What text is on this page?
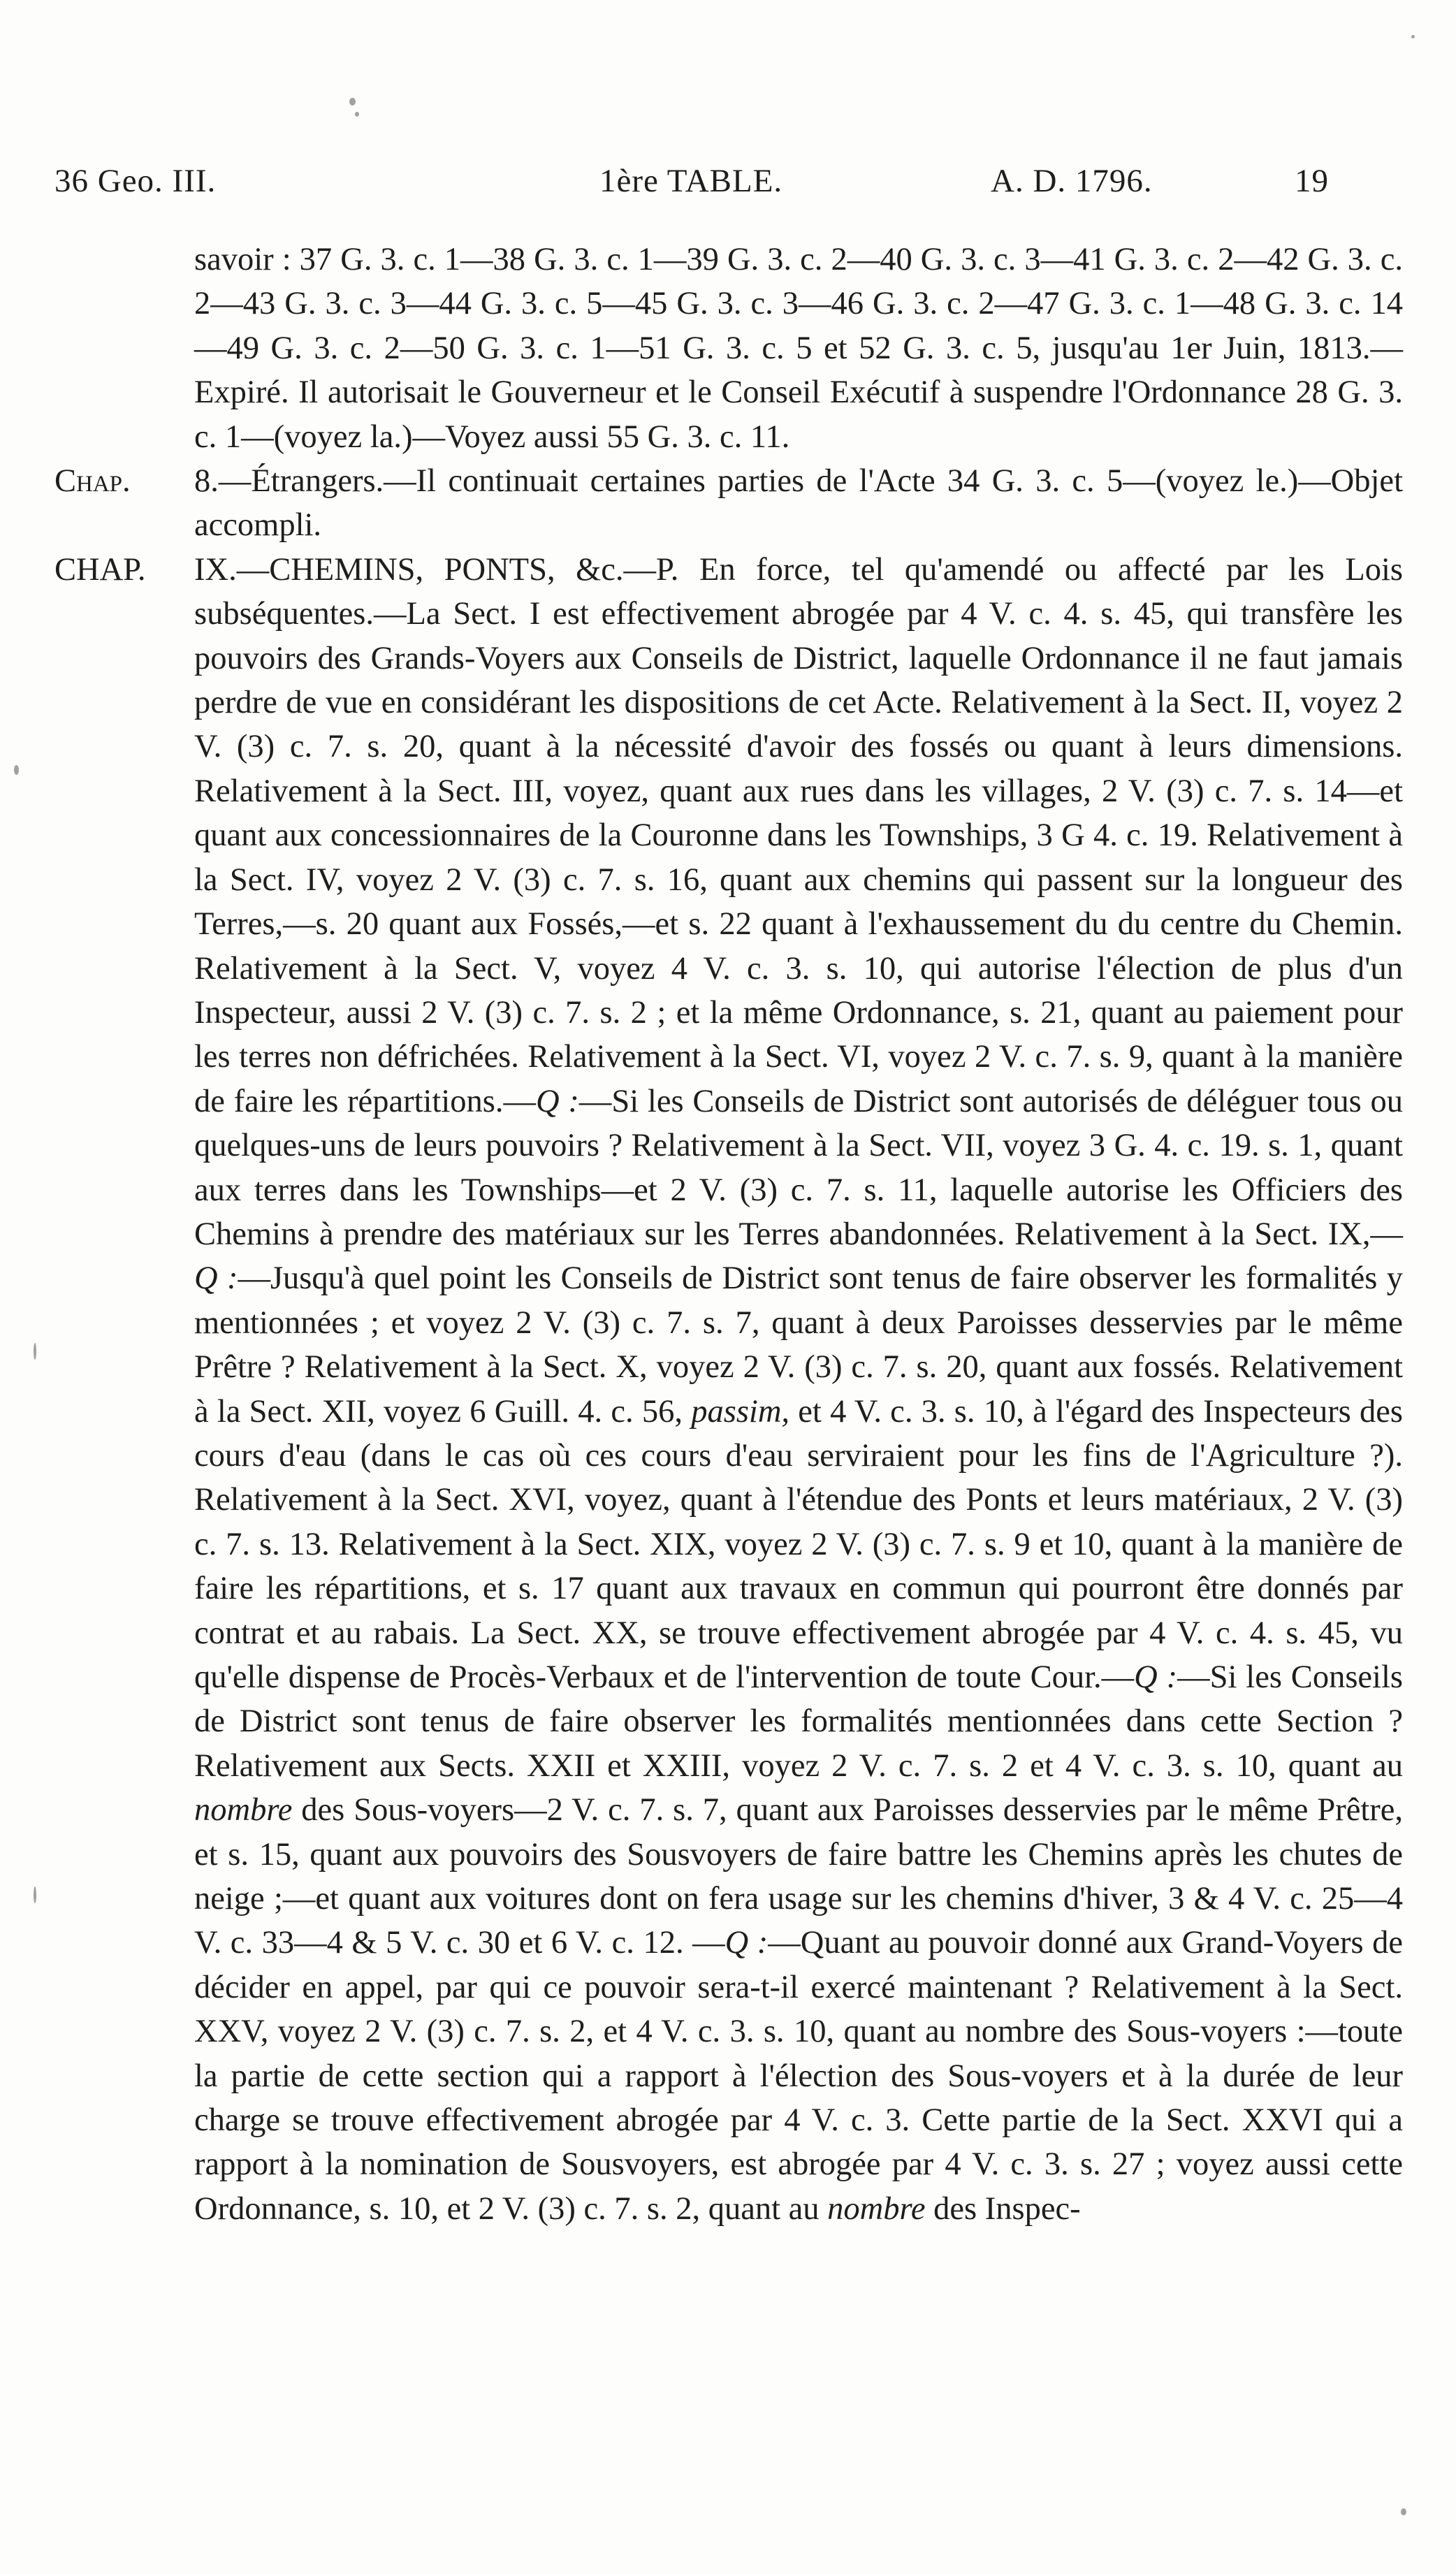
36 Geo. III.	1ère TABLE.	A. D. 1796.	19

savoir : 37 G. 3. c. 1—38 G. 3. c. 1—39 G. 3. c. 2—40 G. 3. c. 3—41 G. 3. c. 2—42 G. 3. c. 2—43 G. 3. c. 3—44 G. 3. c. 5—45 G. 3. c. 3—46 G. 3. c. 2—47 G. 3. c. 1—48 G. 3. c. 14—49 G. 3. c. 2—50 G. 3. c. 1—51 G. 3. c. 5 et 52 G. 3. c. 5, jusqu'au 1er Juin, 1813.—Expiré. Il autorisait le Gouverneur et le Conseil Exécutif à suspendre l'Ordonnance 28 G. 3. c. 1—(voyez la.)—Voyez aussi 55 G. 3. c. 11.

Chap. 8.—Étrangers.—Il continuait certaines parties de l'Acte 34 G. 3. c. 5—(voyez le.)—Objet accompli.

CHAP. IX.—CHEMINS, PONTS, &c.—P. En force, tel qu'amendé ou affecté par les Lois subséquentes.—La Sect. I est effectivement abrogée par 4 V. c. 4. s. 45, qui transfère les pouvoirs des Grands-Voyers aux Conseils de District, laquelle Ordonnance il ne faut jamais perdre de vue en considérant les dispositions de cet Acte. Relativement à la Sect. II, voyez 2 V. (3) c. 7. s. 20, quant à la nécessité d'avoir des fossés ou quant à leurs dimensions. Relativement à la Sect. III, voyez, quant aux rues dans les villages, 2 V. (3) c. 7. s. 14—et quant aux concessionnaires de la Couronne dans les Townships, 3 G 4. c. 19. Relativement à la Sect. IV, voyez 2 V. (3) c. 7. s. 16, quant aux chemins qui passent sur la longueur des Terres,—s. 20 quant aux Fossés,—et s. 22 quant à l'exhaussement du du centre du Chemin. Relativement à la Sect. V, voyez 4 V. c. 3. s. 10, qui autorise l'élection de plus d'un Inspecteur, aussi 2 V. (3) c. 7. s. 2 ; et la même Ordonnance, s. 21, quant au paiement pour les terres non défrichées. Relativement à la Sect. VI, voyez 2 V. c. 7. s. 9, quant à la manière de faire les répartitions.—Q :—Si les Conseils de District sont autorisés de déléguer tous ou quelques-uns de leurs pouvoirs ? Relativement à la Sect. VII, voyez 3 G. 4. c. 19. s. 1, quant aux terres dans les Townships—et 2 V. (3) c. 7. s. 11, laquelle autorise les Officiers des Chemins à prendre des matériaux sur les Terres abandonnées. Relativement à la Sect. IX,—Q :—Jusqu'à quel point les Conseils de District sont tenus de faire observer les formalités y mentionnées ; et voyez 2 V. (3) c. 7. s. 7, quant à deux Paroisses desservies par le même Prêtre ? Relativement à la Sect. X, voyez 2 V. (3) c. 7. s. 20, quant aux fossés. Relativement à la Sect. XII, voyez 6 Guill. 4. c. 56, passim, et 4 V. c. 3. s. 10, à l'égard des Inspecteurs des cours d'eau (dans le cas où ces cours d'eau serviraient pour les fins de l'Agriculture ?). Relativement à la Sect. XVI, voyez, quant à l'étendue des Ponts et leurs matériaux, 2 V. (3) c. 7. s. 13. Relativement à la Sect. XIX, voyez 2 V. (3) c. 7. s. 9 et 10, quant à la manière de faire les répartitions, et s. 17 quant aux travaux en commun qui pourront être donnés par contrat et au rabais. La Sect. XX, se trouve effectivement abrogée par 4 V. c. 4. s. 45, vu qu'elle dispense de Procès-Verbaux et de l'intervention de toute Cour.—Q :—Si les Conseils de District sont tenus de faire observer les formalités mentionnées dans cette Section ? Relativement aux Sects. XXII et XXIII, voyez 2 V. c. 7. s. 2 et 4 V. c. 3. s. 10, quant au nombre des Sous-voyers—2 V. c. 7. s. 7, quant aux Paroisses desservies par le même Prêtre, et s. 15, quant aux pouvoirs des Sousvoyers de faire battre les Chemins après les chutes de neige ;—et quant aux voitures dont on fera usage sur les chemins d'hiver, 3 & 4 V. c. 25—4 V. c. 33—4 & 5 V. c. 30 et 6 V. c. 12. —Q :—Quant au pouvoir donné aux Grand-Voyers de décider en appel, par qui ce pouvoir sera-t-il exercé maintenant ? Relativement à la Sect. XXV, voyez 2 V. (3) c. 7. s. 2, et 4 V. c. 3. s. 10, quant au nombre des Sous-voyers :—toute la partie de cette section qui a rapport à l'élection des Sous-voyers et à la durée de leur charge se trouve effectivement abrogée par 4 V. c. 3. Cette partie de la Sect. XXVI qui a rapport à la nomination de Sousvoyers, est abrogée par 4 V. c. 3. s. 27 ; voyez aussi cette Ordonnance, s. 10, et 2 V. (3) c. 7. s. 2, quant au nombre des Inspec-
